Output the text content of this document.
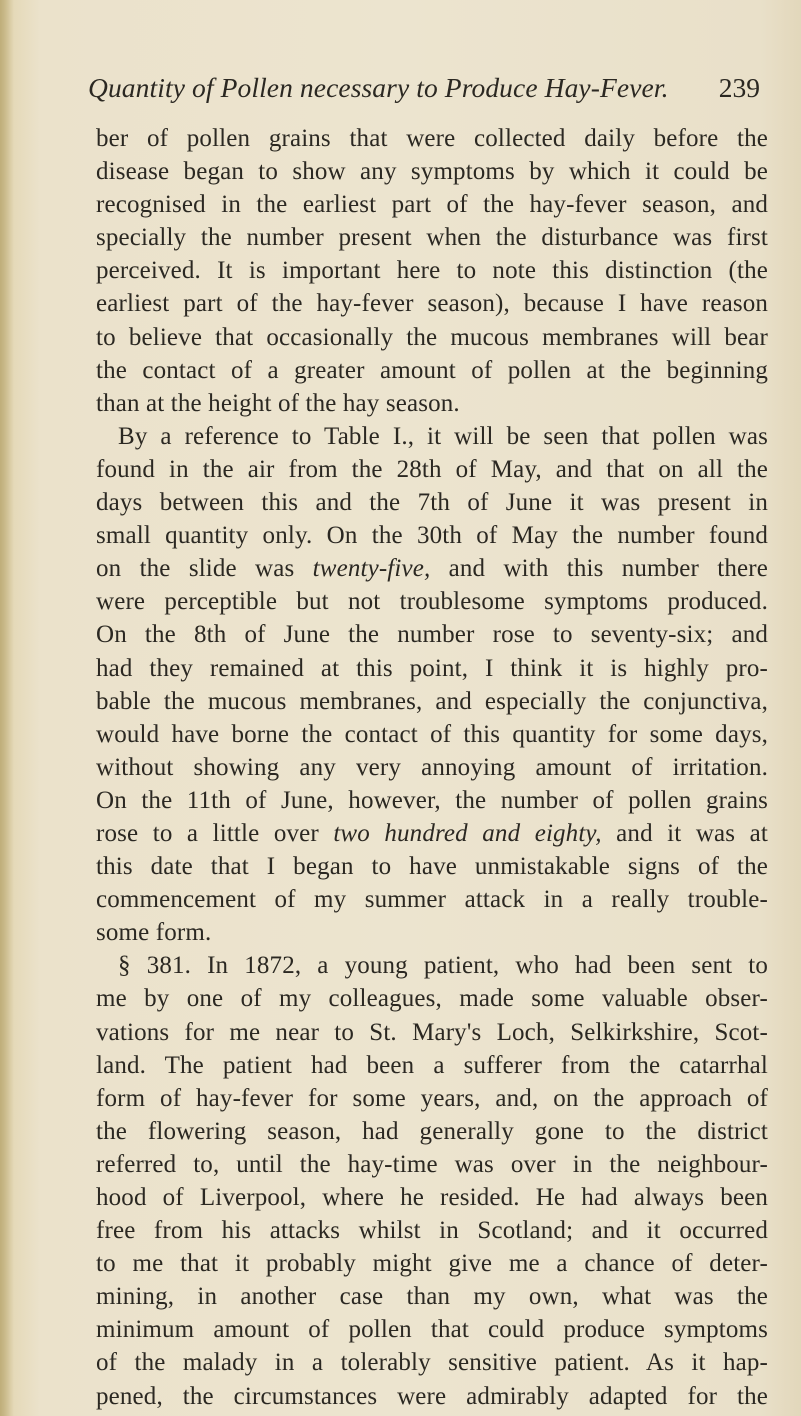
Quantity of Pollen necessary to Produce Hay-Fever. 239
ber of pollen grains that were collected daily before the
disease began to show any symptoms by which it could be
recognised in the earliest part of the hay-fever season, and
specially the number present when the disturbance was first
perceived. It is important here to note this distinction (the
earliest part of the hay-fever season), because I have reason
to believe that occasionally the mucous membranes will bear
the contact of a greater amount of pollen at the beginning
than at the height of the hay season.
By a reference to Table I., it will be seen that pollen was
found in the air from the 28th of May, and that on all the
days between this and the 7th of June it was present in
small quantity only. On the 30th of May the number found
on the slide was twenty-five, and with this number there
were perceptible but not troublesome symptoms produced.
On the 8th of June the number rose to seventy-six; and
had they remained at this point, I think it is highly pro-
bable the mucous membranes, and especially the conjunctiva,
would have borne the contact of this quantity for some days,
without showing any very annoying amount of irritation.
On the 11th of June, however, the number of pollen grains
rose to a little over two hundred and eighty, and it was at
this date that I began to have unmistakable signs of the
commencement of my summer attack in a really trouble-
some form.
§ 381. In 1872, a young patient, who had been sent to
me by one of my colleagues, made some valuable obser-
vations for me near to St. Mary's Loch, Selkirkshire, Scot-
land. The patient had been a sufferer from the catarrhal
form of hay-fever for some years, and, on the approach of
the flowering season, had generally gone to the district
referred to, until the hay-time was over in the neighbour-
hood of Liverpool, where he resided. He had always been
free from his attacks whilst in Scotland; and it occurred
to me that it probably might give me a chance of deter-
mining, in another case than my own, what was the
minimum amount of pollen that could produce symptoms
of the malady in a tolerably sensitive patient. As it hap-
pened, the circumstances were admirably adapted for the
